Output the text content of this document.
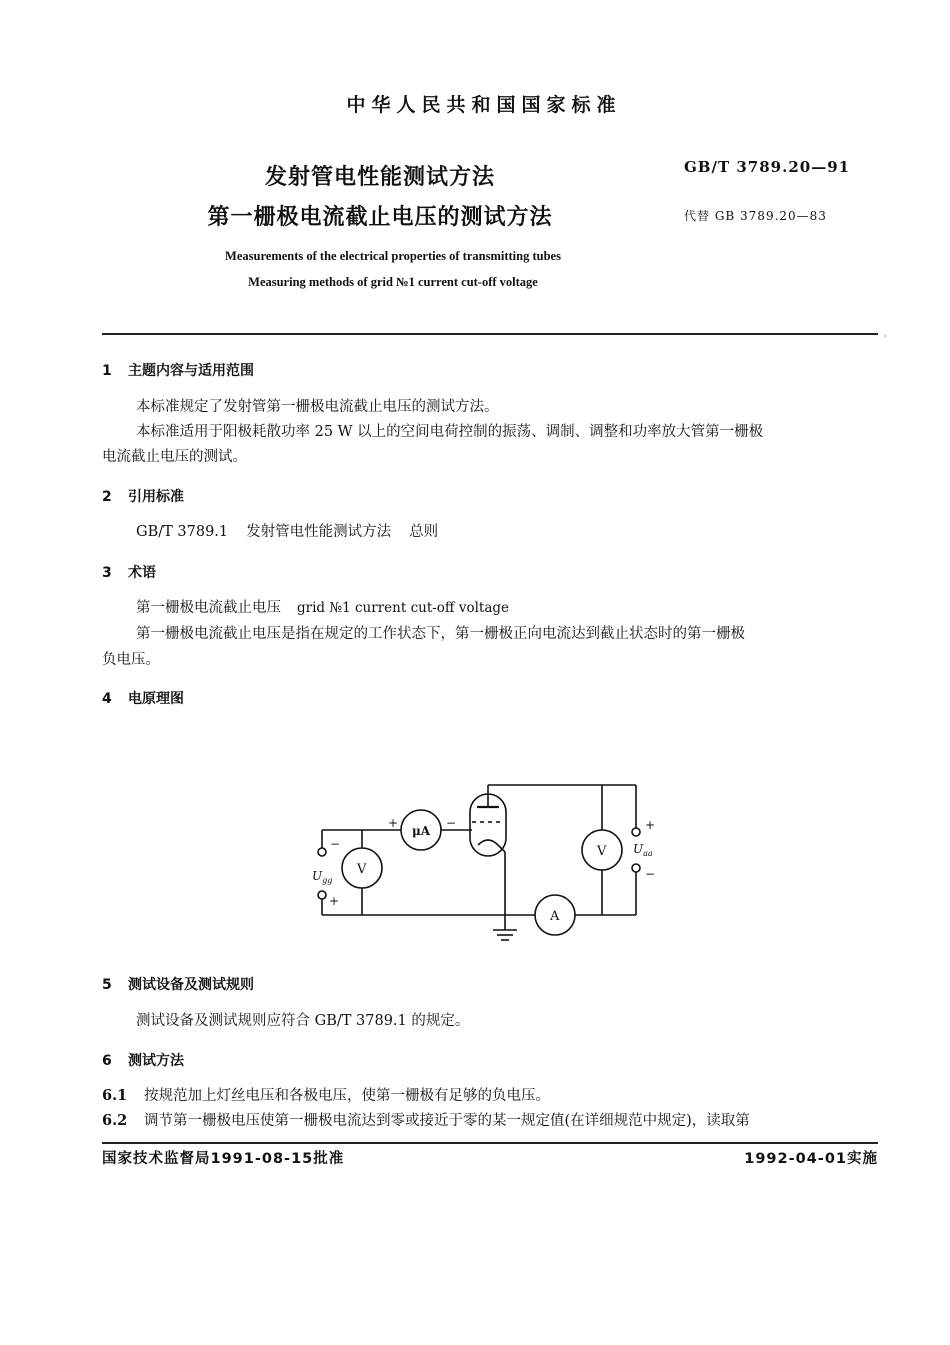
中华人民共和国国家标准
发射管电性能测试方法
第一栅极电流截止电压的测试方法
GB/T 3789.20—91
代替 GB 3789.20—83
Measurements of the electrical properties of transmitting tubes
Measuring methods of grid №1 current cut-off voltage
·
1 主题内容与适用范围
本标准规定了发射管第一栅极电流截止电压的测试方法。
本标准适用于阳极耗散功率 25 W 以上的空间电荷控制的振荡、调制、调整和功率放大管第一栅极
电流截止电压的测试。
2 引用标准
GB/T 3789.1 发射管电性能测试方法 总则
3 术语
第一栅极电流截止电压 grid №1 current cut-off voltage
第一栅极电流截止电压是指在规定的工作状态下，第一栅极正向电流达到截止状态时的第一栅极
负电压。
4 电原理图
μA
V
V
A
+	−
−
+
+
−
$U_{gg}$
$U_{aa}$
5 测试设备及测试规则
测试设备及测试规则应符合 GB/T 3789.1 的规定。
6 测试方法
6.1 按规范加上灯丝电压和各极电压，使第一栅极有足够的负电压。
6.2 调节第一栅极电压使第一栅极电流达到零或接近于零的某一规定值(在详细规范中规定)，读取第
国家技术监督局1991-08-15批准	1992-04-01实施
